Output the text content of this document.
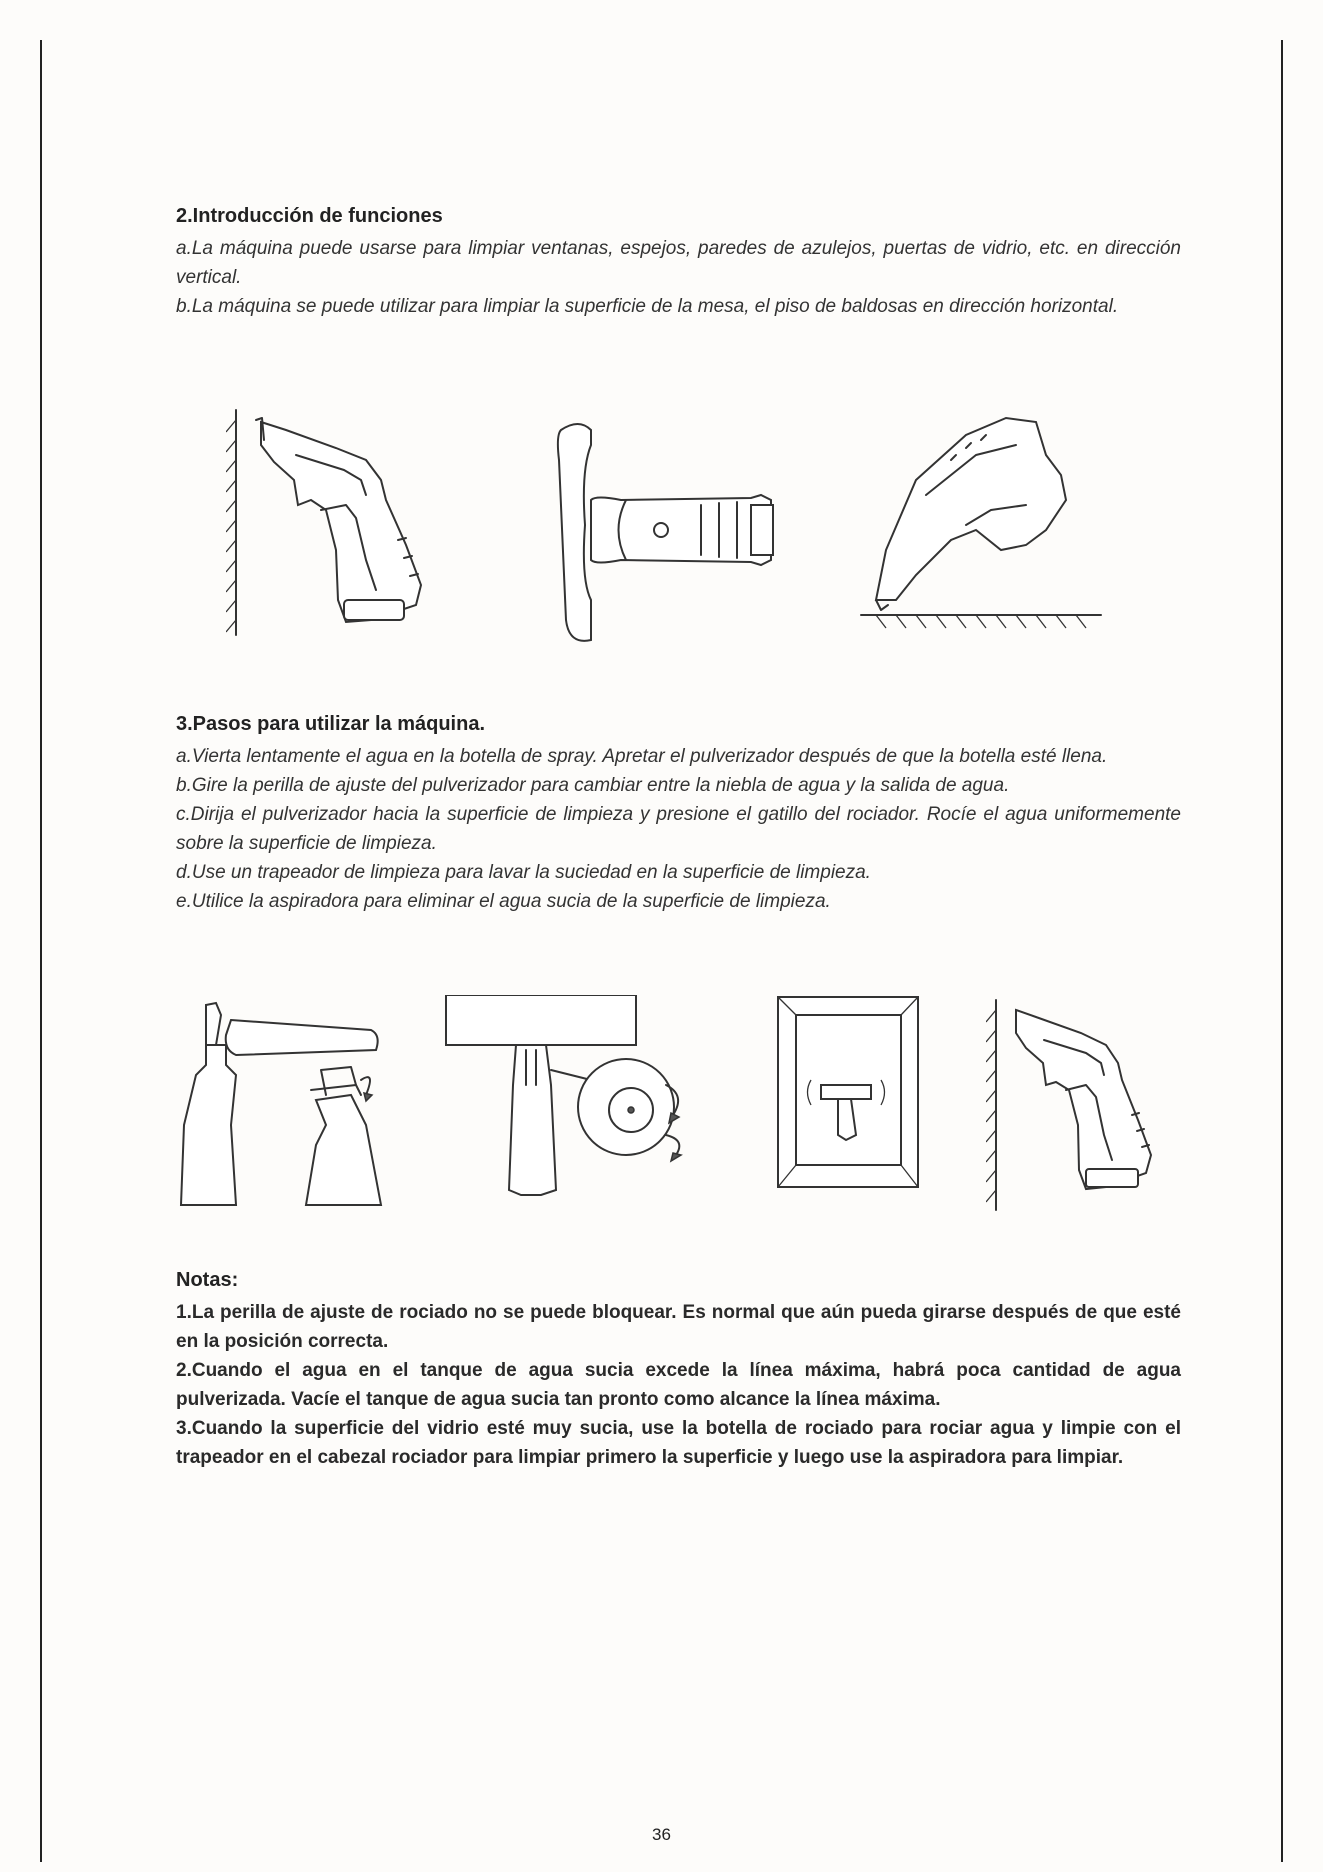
2.Introducción de funciones

a.La máquina puede usarse para limpiar ventanas, espejos, paredes de azulejos, puertas de vidrio, etc. en dirección vertical.

b.La máquina se puede utilizar para limpiar la superficie de la mesa, el piso de baldosas en dirección horizontal.

3.Pasos para utilizar la máquina.

a.Vierta lentamente el agua en la botella de spray. Apretar el pulverizador después de que la botella esté llena.

b.Gire la perilla de ajuste del pulverizador para cambiar entre la niebla de agua y la salida de agua.

c.Dirija el pulverizador hacia la superficie de limpieza y presione el gatillo del rociador. Rocíe el agua uniformemente sobre la superficie de limpieza.

d.Use un trapeador de limpieza para lavar la suciedad en la superficie de limpieza.

e.Utilice la aspiradora para eliminar el agua sucia de la superficie de limpieza.

Notas:

1.La perilla de ajuste de rociado no se puede bloquear. Es normal que aún pueda girarse después de que esté en la posición correcta.

2.Cuando el agua en el tanque de agua sucia excede la línea máxima, habrá poca cantidad de agua pulverizada. Vacíe el tanque de agua sucia tan pronto como alcance la línea máxima.

3.Cuando la superficie del vidrio esté muy sucia, use la botella de rociado para rociar agua y limpie con el trapeador en el cabezal rociador para limpiar primero la superficie y luego use la aspiradora para limpiar.

36
